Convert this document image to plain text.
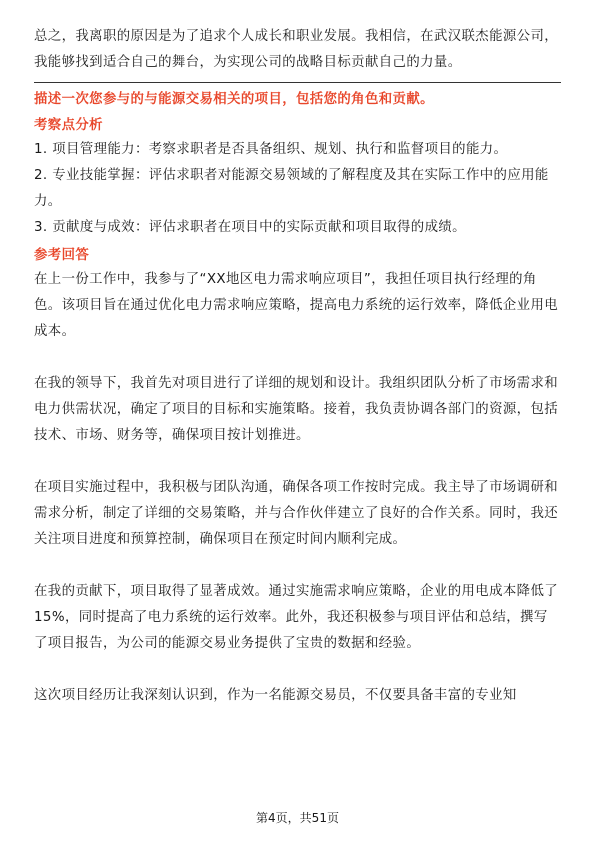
总之，我离职的原因是为了追求个人成长和职业发展。我相信，在武汉联杰能源公司，我能够找到适合自己的舞台，为实现公司的战略目标贡献自己的力量。

描述一次您参与的与能源交易相关的项目，包括您的角色和贡献。
考察点分析

1. 项目管理能力：考察求职者是否具备组织、规划、执行和监督项目的能力。

2. 专业技能掌握：评估求职者对能源交易领域的了解程度及其在实际工作中的应用能力。

3. 贡献度与成效：评估求职者在项目中的实际贡献和项目取得的成绩。

参考回答

在上一份工作中，我参与了“XX地区电力需求响应项目”，我担任项目执行经理的角色。该项目旨在通过优化电力需求响应策略，提高电力系统的运行效率，降低企业用电成本。

在我的领导下，我首先对项目进行了详细的规划和设计。我组织团队分析了市场需求和电力供需状况，确定了项目的目标和实施策略。接着，我负责协调各部门的资源，包括技术、市场、财务等，确保项目按计划推进。

在项目实施过程中，我积极与团队沟通，确保各项工作按时完成。我主导了市场调研和需求分析，制定了详细的交易策略，并与合作伙伴建立了良好的合作关系。同时，我还关注项目进度和预算控制，确保项目在预定时间内顺利完成。

在我的贡献下，项目取得了显著成效。通过实施需求响应策略，企业的用电成本降低了15%，同时提高了电力系统的运行效率。此外，我还积极参与项目评估和总结，撰写了项目报告，为公司的能源交易业务提供了宝贵的数据和经验。

这次项目经历让我深刻认识到，作为一名能源交易员，不仅要具备丰富的专业知

第4页，共51页
